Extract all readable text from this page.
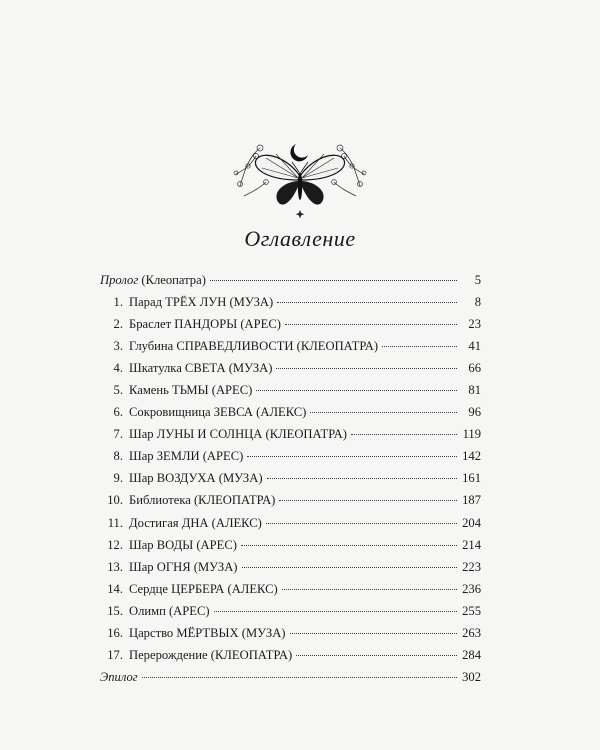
Оглавление
Пролог (Клеопатра)	5
1. Парад ТРЁХ ЛУН (МУЗА)	8
2. Браслет ПАНДОРЫ (АРЕС)	23
3. Глубина СПРАВЕДЛИВОСТИ (КЛЕОПАТРА)	41
4. Шкатулка СВЕТА (МУЗА)	66
5. Камень ТЬМЫ (АРЕС)	81
6. Сокровищница ЗЕВСА (АЛЕКС)	96
7. Шар ЛУНЫ И СОЛНЦА (КЛЕОПАТРА)	119
8. Шар ЗЕМЛИ (АРЕС)	142
9. Шар ВОЗДУХА (МУЗА)	161
10. Библиотека (КЛЕОПАТРА)	187
11. Достигая ДНА (АЛЕКС)	204
12. Шар ВОДЫ (АРЕС)	214
13. Шар ОГНЯ (МУЗА)	223
14. Сердце ЦЕРБЕРА (АЛЕКС)	236
15. Олимп (АРЕС)	255
16. Царство МЁРТВЫХ (МУЗА)	263
17. Перерождение (КЛЕОПАТРА)	284
Эпилог	302
